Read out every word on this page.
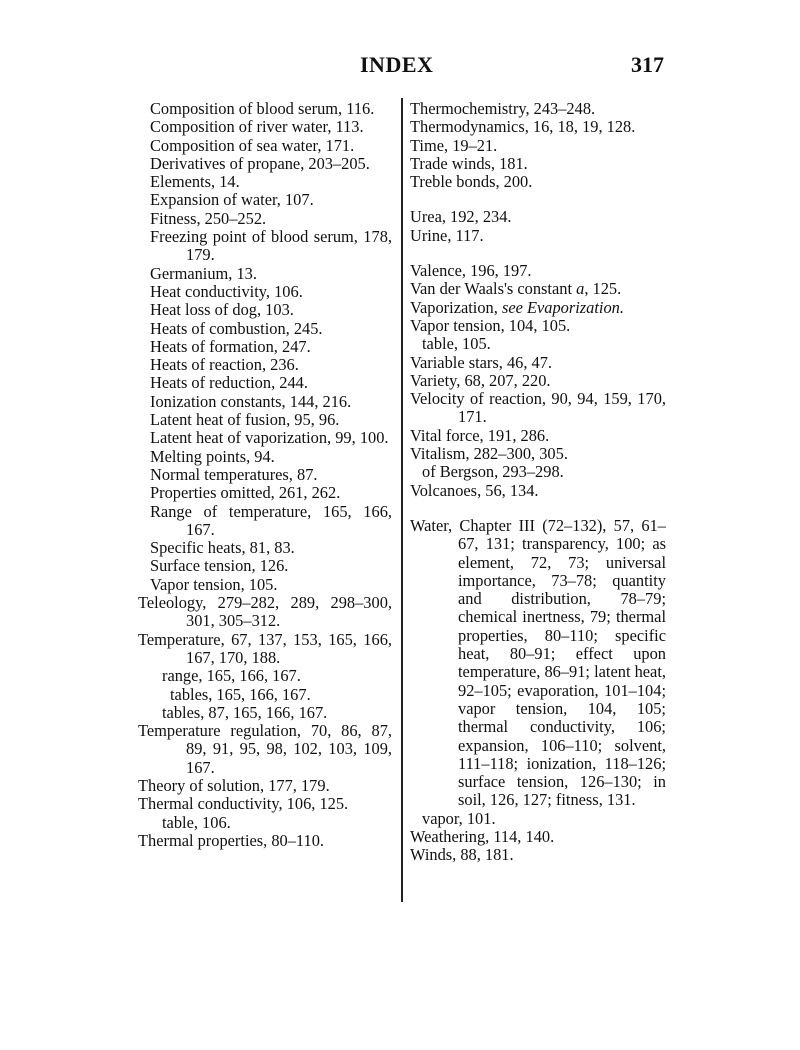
INDEX	317
Composition of blood serum, 116.
Composition of river water, 113.
Composition of sea water, 171.
Derivatives of propane, 203–205.
Elements, 14.
Expansion of water, 107.
Fitness, 250–252.
Freezing point of blood serum, 178, 179.
Germanium, 13.
Heat conductivity, 106.
Heat loss of dog, 103.
Heats of combustion, 245.
Heats of formation, 247.
Heats of reaction, 236.
Heats of reduction, 244.
Ionization constants, 144, 216.
Latent heat of fusion, 95, 96.
Latent heat of vaporization, 99, 100.
Melting points, 94.
Normal temperatures, 87.
Properties omitted, 261, 262.
Range of temperature, 165, 166, 167.
Specific heats, 81, 83.
Surface tension, 126.
Vapor tension, 105.
Teleology, 279–282, 289, 298–300, 301, 305–312.
Temperature, 67, 137, 153, 165, 166, 167, 170, 188.
range, 165, 166, 167.
tables, 165, 166, 167.
tables, 87, 165, 166, 167.
Temperature regulation, 70, 86, 87, 89, 91, 95, 98, 102, 103, 109, 167.
Theory of solution, 177, 179.
Thermal conductivity, 106, 125.
table, 106.
Thermal properties, 80–110.
Thermochemistry, 243–248.
Thermodynamics, 16, 18, 19, 128.
Time, 19–21.
Trade winds, 181.
Treble bonds, 200.
Urea, 192, 234.
Urine, 117.
Valence, 196, 197.
Van der Waals's constant a, 125.
Vaporization, see Evaporization.
Vapor tension, 104, 105.
table, 105.
Variable stars, 46, 47.
Variety, 68, 207, 220.
Velocity of reaction, 90, 94, 159, 170, 171.
Vital force, 191, 286.
Vitalism, 282–300, 305.
of Bergson, 293–298.
Volcanoes, 56, 134.
Water, Chapter III (72–132), 57, 61–67, 131; transparency, 100; as element, 72, 73; universal importance, 73–78; quantity and distribution, 78–79; chemical inertness, 79; thermal properties, 80–110; specific heat, 80–91; effect upon temperature, 86–91; latent heat, 92–105; evaporation, 101–104; vapor tension, 104, 105; thermal conductivity, 106; expansion, 106–110; solvent, 111–118; ionization, 118–126; surface tension, 126–130; in soil, 126, 127; fitness, 131.
vapor, 101.
Weathering, 114, 140.
Winds, 88, 181.
